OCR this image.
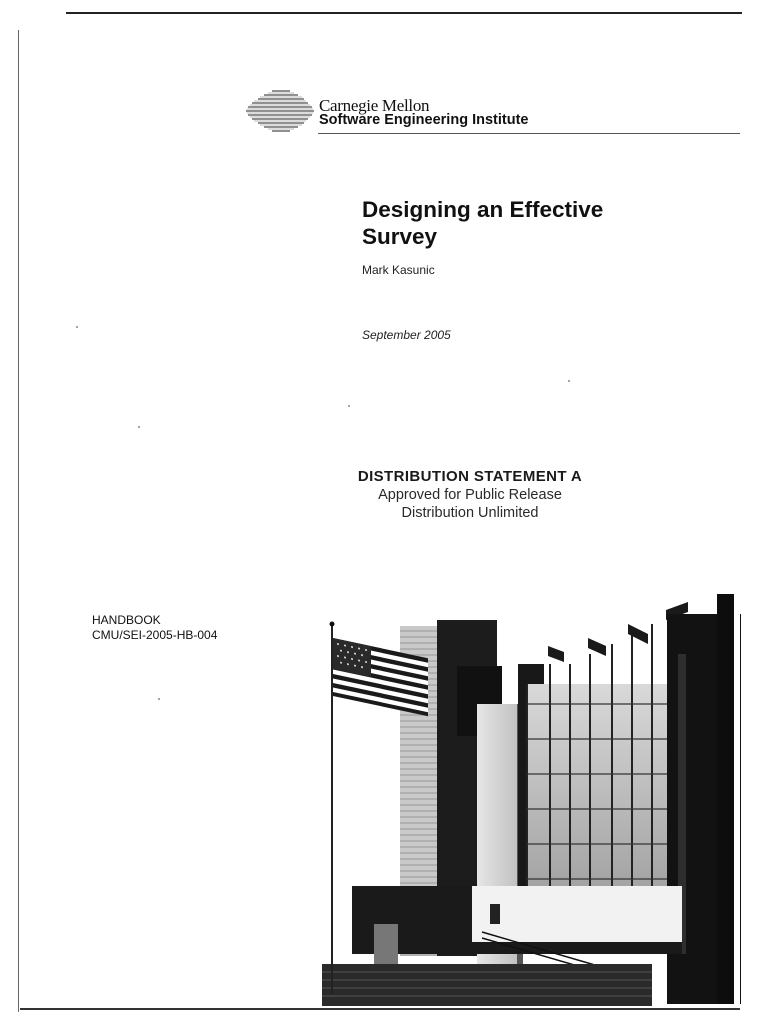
Carnegie Mellon
Software Engineering Institute
Designing an Effective
Survey
Mark Kasunic
September 2005
DISTRIBUTION STATEMENT A
Approved for Public Release
Distribution Unlimited
HANDBOOK
CMU/SEI-2005-HB-004
